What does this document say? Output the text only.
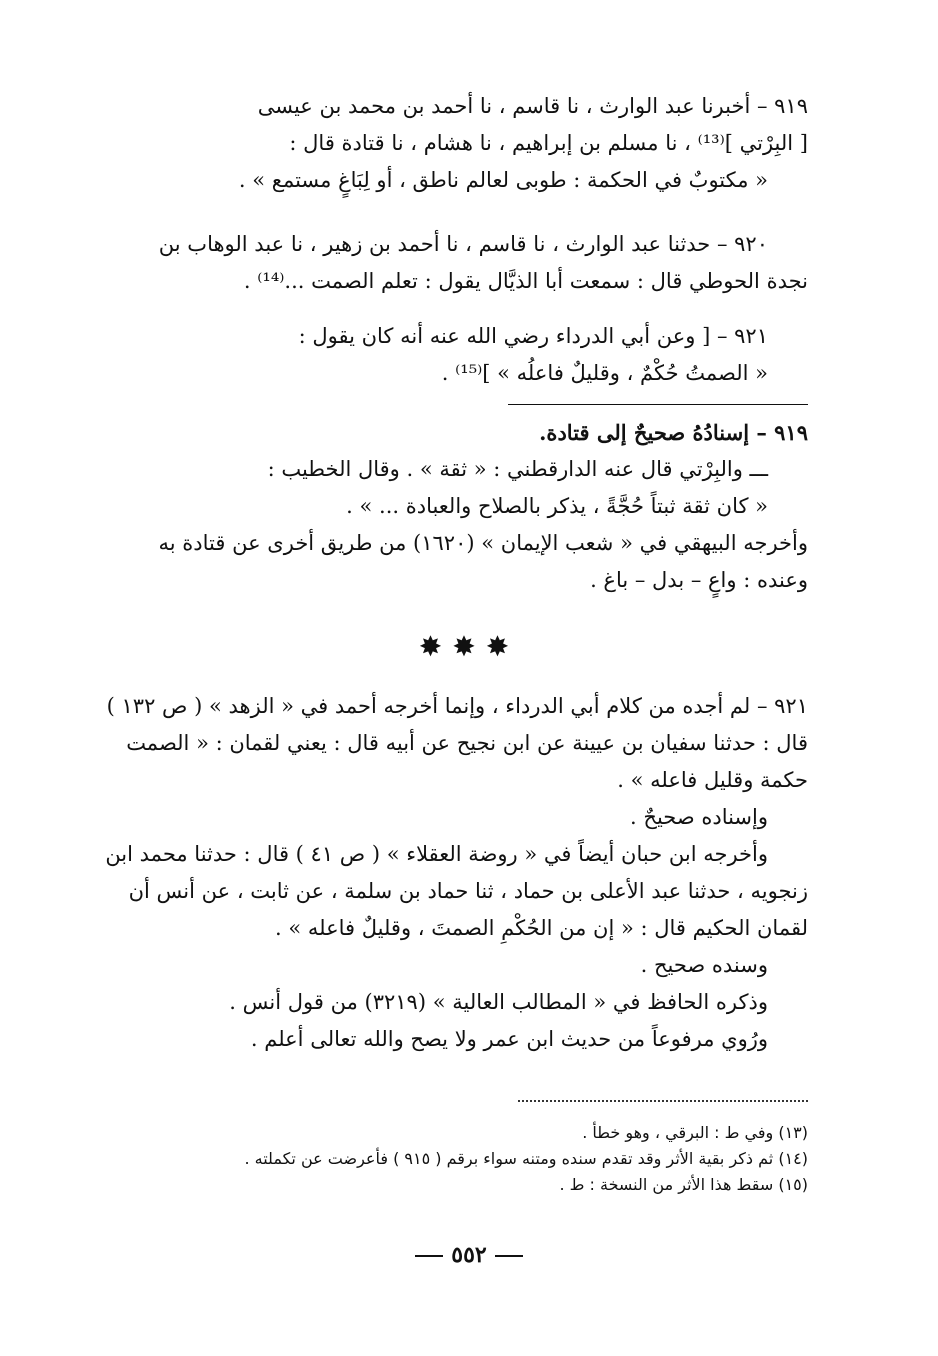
٩١٩ – أخبرنا عبد الوارث ، نا قاسم ، نا أحمد بن محمد بن عيسى
[ البِرْتي ]⁽¹³⁾ ، نا مسلم بن إبراهيم ، نا هشام ، نا قتادة قال :
« مكتوبٌ في الحكمة : طوبى لعالم ناطق ، أو لِبَاغٍ مستمع » .
٩٢٠ – حدثنا عبد الوارث ، نا قاسم ، نا أحمد بن زهير ، نا عبد الوهاب بن
نجدة الحوطي قال : سمعت أبا الذيَّال يقول : تعلم الصمت ...⁽¹⁴⁾ .
٩٢١ – [ وعن أبي الدرداء رضي الله عنه أنه كان يقول :
« الصمتُ حُكْمٌ ، وقليلٌ فاعلُه » ]⁽¹⁵⁾ .
٩١٩ – إسنادُهُ صحيحٌ إلى قتادة.
ـــ والبِرْتي قال عنه الدارقطني : « ثقة » . وقال الخطيب :
« كان ثقة ثبتاً حُجَّةً ، يذكر بالصلاح والعبادة ... » .
وأخرجه البيهقي في « شعب الإيمان » (١٦٢٠) من طريق أخرى عن قتادة به
وعنده : واعٍ – بدل – باغ .
✸✸✸
٩٢١ – لم أجده من كلام أبي الدرداء ، وإنما أخرجه أحمد في « الزهد » ( ص ١٣٢ )
قال : حدثنا سفيان بن عيينة عن ابن نجيح عن أبيه قال : يعني لقمان : « الصمت
حكمة وقليل فاعله » .
وإسناده صحيحٌ .
وأخرجه ابن حبان أيضاً في « روضة العقلاء » ( ص ٤١ ) قال : حدثنا محمد ابن
زنجويه ، حدثنا عبد الأعلى بن حماد ، ثنا حماد بن سلمة ، عن ثابت ، عن أنس أن
لقمان الحكيم قال : « إن من الحُكْمِ الصمتَ ، وقليلٌ فاعله » .
وسنده صحيح .
وذكره الحافظ في « المطالب العالية » (٣٢١٩) من قول أنس .
ورُوي مرفوعاً من حديث ابن عمر ولا يصح والله تعالى أعلم .
(١٣) وفي ط : البرقي ، وهو خطأ .
(١٤) ثم ذكر بقية الأثر وقد تقدم سنده ومتنه سواء برقم ( ٩١٥ ) فأعرضت عن تكملته .
(١٥) سقط هذا الأثر من النسخة : ط .
٥٥٢
